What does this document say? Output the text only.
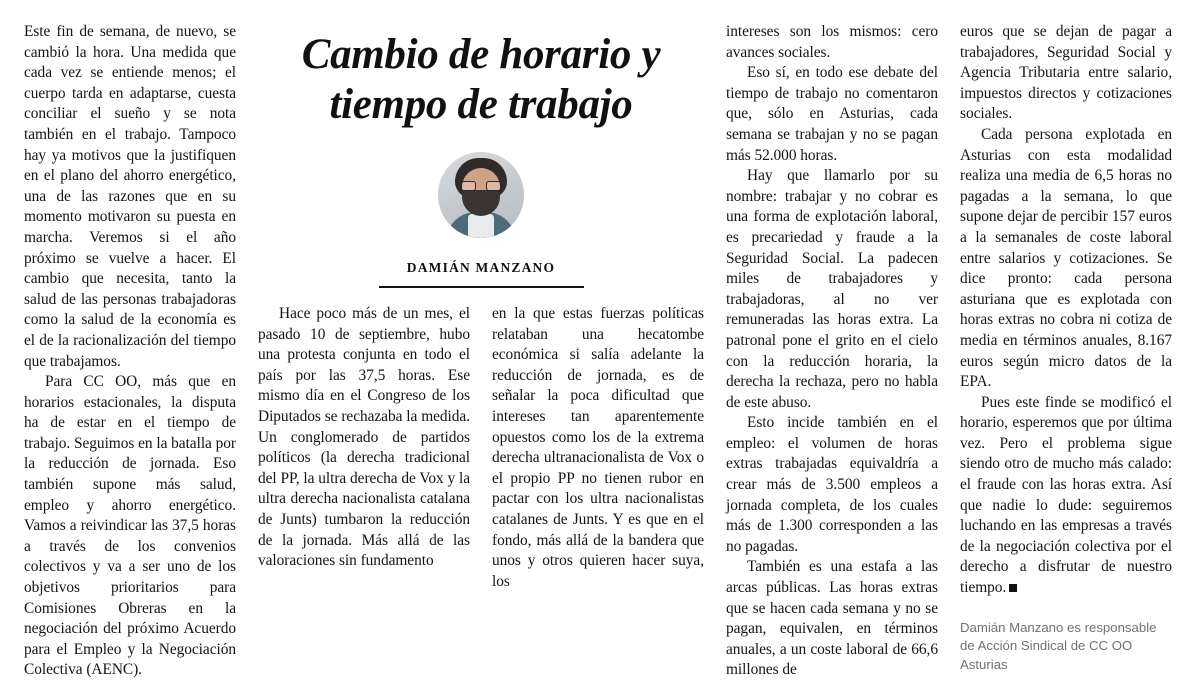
Este fin de semana, de nuevo, se cambió la hora. Una medida que cada vez se entiende menos; el cuerpo tarda en adaptarse, cuesta conciliar el sueño y se nota también en el trabajo. Tampoco hay ya motivos que la justifiquen en el plano del ahorro energético, una de las razones que en su momento motivaron su puesta en marcha. Veremos si el año próximo se vuelve a hacer. El cambio que necesita, tanto la salud de las personas trabajadoras como la salud de la economía es el de la racionalización del tiempo que trabajamos.

Para CC OO, más que en horarios estacionales, la disputa ha de estar en el tiempo de trabajo. Seguimos en la batalla por la reducción de jornada. Eso también supone más salud, empleo y ahorro energético. Vamos a reivindicar las 37,5 horas a través de los convenios colectivos y va a ser uno de los objetivos prioritarios para Comisiones Obreras en la negociación del próximo Acuerdo para el Empleo y la Negociación Colectiva (AENC).

Cambio de horario y tiempo de trabajo
DAMIÁN MANZANO

Hace poco más de un mes, el pasado 10 de septiembre, hubo una protesta conjunta en todo el país por las 37,5 horas. Ese mismo día en el Congreso de los Diputados se rechazaba la medida. Un conglomerado de partidos políticos (la derecha tradicional del PP, la ultra derecha de Vox y la ultra derecha nacionalista catalana de Junts) tumbaron la reducción de la jornada. Más allá de las valoraciones sin fundamento

en la que estas fuerzas políticas relataban una hecatombe económica si salía adelante la reducción de jornada, es de señalar la poca dificultad que intereses tan aparentemente opuestos como los de la extrema derecha ultranacionalista de Vox o el propio PP no tienen rubor en pactar con los ultra nacionalistas catalanes de Junts. Y es que en el fondo, más allá de la bandera que unos y otros quieren hacer suya, los

intereses son los mismos: cero avances sociales.

Eso sí, en todo ese debate del tiempo de trabajo no comentaron que, sólo en Asturias, cada semana se trabajan y no se pagan más 52.000 horas.

Hay que llamarlo por su nombre: trabajar y no cobrar es una forma de explotación laboral, es precariedad y fraude a la Seguridad Social. La padecen miles de trabajadores y trabajadoras, al no ver remuneradas las horas extra. La patronal pone el grito en el cielo con la reducción horaria, la derecha la rechaza, pero no habla de este abuso.

Esto incide también en el empleo: el volumen de horas extras trabajadas equivaldría a crear más de 3.500 empleos a jornada completa, de los cuales más de 1.300 corresponden a las no pagadas.

También es una estafa a las arcas públicas. Las horas extras que se hacen cada semana y no se pagan, equivalen, en términos anuales, a un coste laboral de 66,6 millones de

euros que se dejan de pagar a trabajadores, Seguridad Social y Agencia Tributaria entre salario, impuestos directos y cotizaciones sociales.

Cada persona explotada en Asturias con esta modalidad realiza una media de 6,5 horas no pagadas a la semana, lo que supone dejar de percibir 157 euros a la semanales de coste laboral entre salarios y cotizaciones. Se dice pronto: cada persona asturiana que es explotada con horas extras no cobra ni cotiza de media en términos anuales, 8.167 euros según micro datos de la EPA.

Pues este finde se modificó el horario, esperemos que por última vez. Pero el problema sigue siendo otro de mucho más calado: el fraude con las horas extra. Así que nadie lo dude: seguiremos luchando en las empresas a través de la negociación colectiva por el derecho a disfrutar de nuestro tiempo.

Damián Manzano es responsable de Acción Sindical de CC OO Asturias
